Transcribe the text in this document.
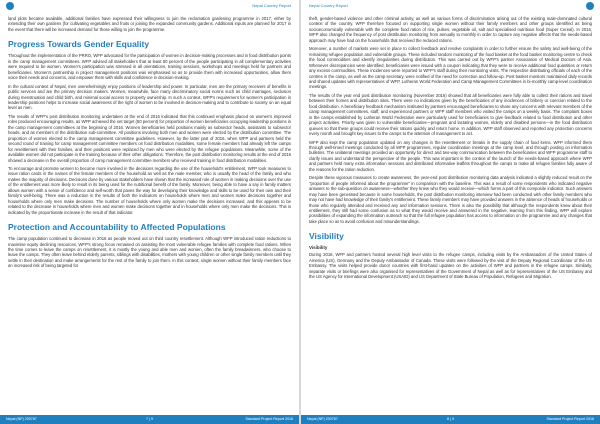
Nepal Country Report

land plots became available, additional families have expressed their willingness to join the reclamation gardening programme in 2017, either by extending their own gardens (for cultivating vegetables and fruits or joining the expanded community gardens. Additional inputs are planned for 2017 in the event that there will be increased demand for those willing to join the programme.

Progress Towards Gender Equality

Throughout the implementation of the PRRO, WFP advocated for the participation of women in decision-making processes and in food distribution points in the camp management committees. WFP advised all stakeholders that at least 50 percent of the people participating in all complementary activities were required to be women. Women's participation was stressed in all orientations, training sessions, workshops and meetings held for partners and beneficiaries. Women's partnership in project management positions was emphasised so as to provide them with increased opportunities, allow them voice their needs and concerns, and empower them with skills and confidence in decision-making.

In the cultural context of Nepal, men overwhelmingly enjoy positions of leadership and power. In particular, men are the primary receivers of benefits in public services and are the primary decision makers. Women, meanwhile, face many discriminatory social norms such as child marriages, seclusion during menstruation and child birth, and minimal social access to property ownership. In such a context, WFP's requirement for women's participation in leadership positions helps to increase social awareness of the right of women to be involved in decision-making and to contribute to society on an equal level as men.

The results of WFP's post distribution monitoring undertaken at the end of 2016 indicated that this continued emphasis placed on women's improved roles produced encouraging results, as WFP achieved the set target (50 percent) for proportion of women beneficiaries occupying leadership positions in the camp management committees at the beginning of 2016. Women beneficiaries held positions mainly as subsector heads, assistants to subsector heads, and as members of the distribution sub-committee. All positions involving both men and women were elected by the distribution committee. The proportion of women elected to the camp management committee guidelines. However, by the latter part of 2016, when WFP and partners held the second round of training for camp management committee members on food distribution modalities, some female members had already left the camps for resettlement with their families, and their positions were replaced by men who were elected by the refugee populations. Meanwhile, some of the available women did not participate in the training because of their other obligations. Therefore, the post distribution monitoring results at the end of 2016 showed a decrease in the overall proportion of camp management committee members who received training in food distribution modalities.

To encourage and promote women to become more involved in the decisions regarding the use of the household's entitlement, WFP took measures to issue ration cards in the names of the female members of the household as well as the male member, who is usually the head of the family and who makes the majority of decisions. Decisions done by various stakeholders have shown that the increased role of women in making decisions over the use of the entitlement was more likely to result in its being used for the nutritional benefit of the family. Moreover, being able to have a say in family matters allows women with a sense of confidence and self-worth that paves the way for developing their knowledge and skills to be used for their own and their family's well-being. There was a reduction in the results of both the indicators on households where men and women make decisions together and households where only men make decisions. The number of households where only women make the decisions increased, and this appears to be related to the decrease in households where men and women make decisions together and in households where only men make the decisions. This is indicated by the proportionate increase in the result of that indicator.

Protection and Accountability to Affected Populations

The camp population continued to decrease in 2016 as people moved out on third country resettlement. Although WFP introduced ration reductions to maximise equity declining resources, WFP's strong focus remained on assisting the most vulnerable refugee families with complete food rations. When the time comes to leave the camps on resettlement, it is mostly the young and able men and women, often the family breadwinners, who choose to leave the camps. They often leave behind elderly parents, siblings with disabilities, mothers with young children or other single family members until they settle in their destination and make arrangements for the rest of the family to join them. In this context, single women without their family members face an increased risk of being targeted for

Nepal (NP) 200787	7 | 9	Standard Project Report 2016
Nepal Country Report

theft, gender-based violence and other criminal activity, as well as various forms of discrimination arising out of the existing male-dominated cultural context of the country. WFP therefore focused on supporting single women without their family members and other groups identified as being socioeconomically vulnerable with the complete food ration of rice, pulses, vegetable oil, salt and specialised nutritious food (Super Cereal). In 2016, WFP also changed the frequency of post distribution monitoring from annually to monthly in order to capture any negative affects that the needs-based approach may have had on the households that received the reduced rations.

Moreover, a number of markets were set in place to collect feedback and resolve complaints in order to further ensure the safety and well-being of the remaining refugee population and vulnerable groups. These included random monitoring of the food basket at the food basket monitoring centre to check the food commodities and identify irregularities during distribution. This was carried out by WFP's partner Association of Medical Doctors of Asia. Whenever discrepancies were identified, beneficiaries were issued with a coupon indicating that they were to receive additional food quantities or return any excess commodities. These incidences were reported to WFP's staff during their monitoring visits. The respective distributing officials of each of the centres in the camp, as well as the camp secretary, were notified of the need for correction and follow-up. Post basket monitors maintained daily records and shared updates with representatives of WFP, Lutheran World Federation and Camp Management Committees in bi-monthly camp-level coordination meetings.

The results of the year end post distribution monitoring (November 2016) showed that all beneficiaries were fully able to collect their rations and travel between their homes and distribution sites. There were no indications given by the beneficiaries of any incidences of bribery or coercion related to the food distribution. A beneficiary feedback mechanism instituted by partners encouraged beneficiaries to share any concerns with relevant members of the camp management committees, staff, and experienced partners or WFP staff members who visited the camps on a weekly basis. The complaint boxes in the camps established by Lutheran World Federation were particularly used for beneficiaries to give feedback related to food distribution and other project activities. Priority was given to vulnerable beneficiaries—pregnant and lactating women, elderly and disabled persons—in the food distribution queues so that these groups could receive their rations quickly and return home. In addition, WFP staff observed and reported any protection concerns every month and brought key issues to the camps to the attention of management to act.

WFP also kept the camp population updated on any changes in the resettlement or breaks in the supply chain of food items. WFP informed them through well-timed meetings conducted by all WFP programmes, regular coordination meetings at the camp level, and through posting on information bulletins. The unilateral meetings provided an opportunity for direct and two-way communication between the beneficiaries and WFP programme staff to clarify issues and understand the perspective of the people. This was important in the context of the launch of the needs-based approach where WFP and partners held many extra information sessions and distributed informative leaflets throughout the camps to make all refugee families fully aware of the reasons for the ration reduction.

Despite these vigorous measures to create awareness, the year-end post distribution monitoring data analysis indicated a slightly reduced result on the "proportion of people informed about the programme" in comparison with the baseline. This was a result of some respondents who indicated negative answers to the sub-question on awareness—whether they knew who they would receive—which forms a part of this composite indicator. Such answers may have been generated because in some households, the post distribution monitoring interview had been conducted with other family members who may not have had knowledge of their family's entitlement. These family members may have provided answers in the absence of heads of households or those who regularly attended and received any and information sessions. There is also the possibility that although the respondents knew about their entitlement, they still had some confusion as to what they would receive and answered in the negative, learning from this finding, WFP will explore possibilities of expanding the information outreach so that the full refugee population has access to information on the programme and any changes that take place so as to avoid confusion and misunderstandings.

Visibility
Visibility

During 2016, WFP and partners hosted several high level visits to the refugee camps, including visits by the Ambassadors of the United States of America (US), Germany and the Deputy Ambassador of Canada. These visits were followed by the visit of the Deputy Regional Coordinator of the US Embassy. The visits helped provide donor countries with first-hand updates on the activities of WFP and partners in the refugee camps. Similarly, separate visits or briefings were also organised for representatives of the Government of Nepal as well as for representatives of the US Embassy and the US Agency for International Development (USAID) and US Department of State Bureau of Population, Refugees and Migration.

Nepal (NP) 200787	8 | 9	Standard Project Report 2016
